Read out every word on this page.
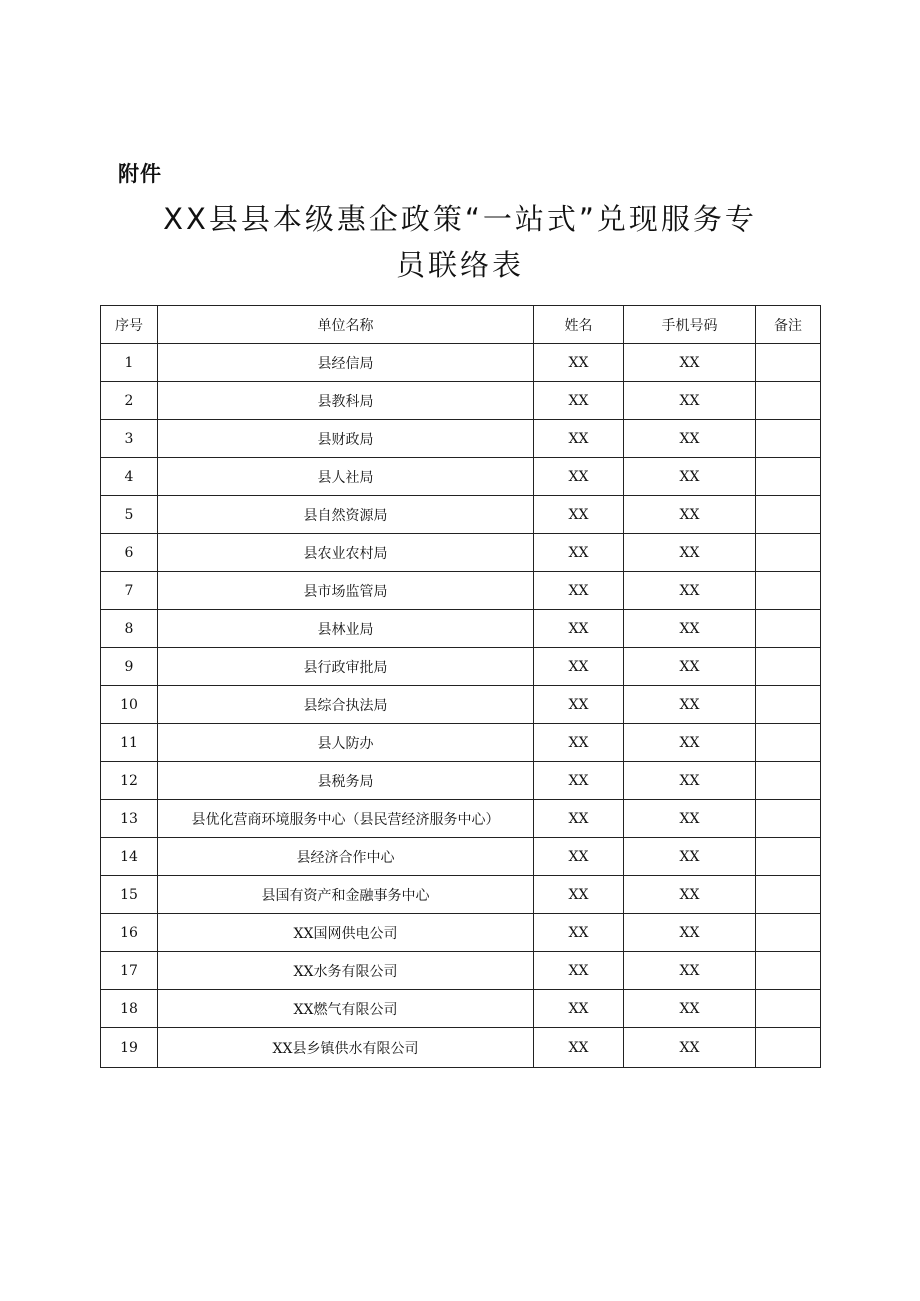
附件
XX县县本级惠企政策“一站式”兑现服务专
员联络表
序号	单位名称	姓名	手机号码	备注
1	县经信局	XX	XX	
2	县教科局	XX	XX	
3	县财政局	XX	XX	
4	县人社局	XX	XX	
5	县自然资源局	XX	XX	
6	县农业农村局	XX	XX	
7	县市场监管局	XX	XX	
8	县林业局	XX	XX	
9	县行政审批局	XX	XX	
10	县综合执法局	XX	XX	
11	县人防办	XX	XX	
12	县税务局	XX	XX	
13	县优化营商环境服务中心（县民营经济服务中心）	XX	XX	
14	县经济合作中心	XX	XX	
15	县国有资产和金融事务中心	XX	XX	
16	XX国网供电公司	XX	XX	
17	XX水务有限公司	XX	XX	
18	XX燃气有限公司	XX	XX	
19	XX县乡镇供水有限公司	XX	XX	
